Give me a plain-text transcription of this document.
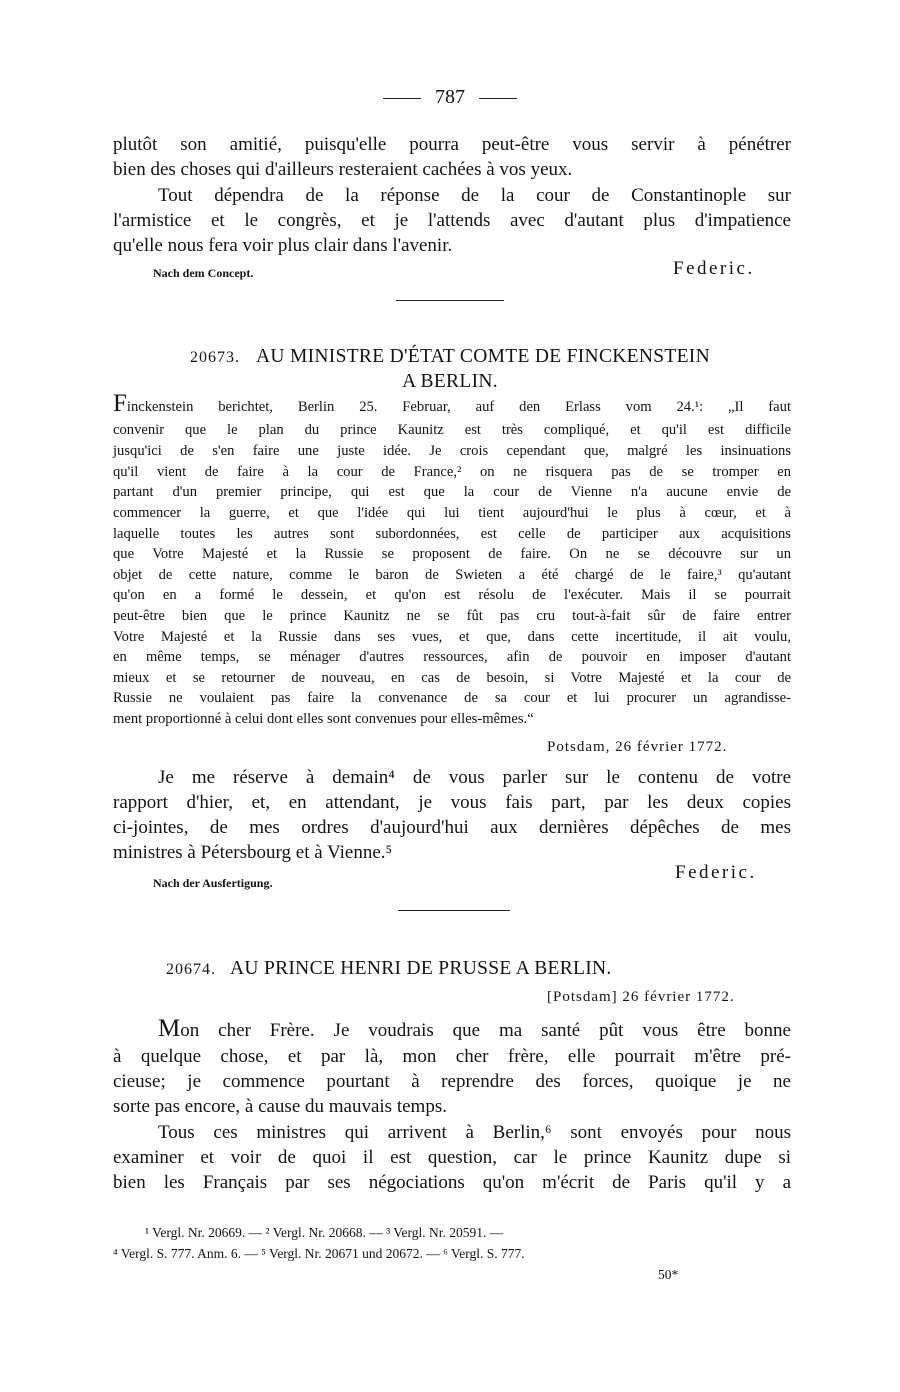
787
plutôt son amitié, puisqu'elle pourra peut-être vous servir à pénétrer
bien des choses qui d'ailleurs resteraient cachées à vos yeux.
Tout dépendra de la réponse de la cour de Constantinople sur
l'armistice et le congrès, et je l'attends avec d'autant plus d'impatience
qu'elle nous fera voir plus clair dans l'avenir.
Nach dem Concept.	Federic.
20673. AU MINISTRE D'ÉTAT COMTE DE FINCKENSTEIN
A BERLIN.
Finckenstein berichtet, Berlin 25. Februar, auf den Erlass vom 24.¹: „Il faut
convenir que le plan du prince Kaunitz est très compliqué, et qu'il est difficile
jusqu'ici de s'en faire une juste idée. Je crois cependant que, malgré les insinuations
qu'il vient de faire à la cour de France,² on ne risquera pas de se tromper en
partant d'un premier principe, qui est que la cour de Vienne n'a aucune envie de
commencer la guerre, et que l'idée qui lui tient aujourd'hui le plus à cœur, et à
laquelle toutes les autres sont subordonnées, est celle de participer aux acquisitions
que Votre Majesté et la Russie se proposent de faire. On ne se découvre sur un
objet de cette nature, comme le baron de Swieten a été chargé de le faire,³ qu'autant
qu'on en a formé le dessein, et qu'on est résolu de l'exécuter. Mais il se pourrait
peut-être bien que le prince Kaunitz ne se fût pas cru tout-à-fait sûr de faire entrer
Votre Majesté et la Russie dans ses vues, et que, dans cette incertitude, il ait voulu,
en même temps, se ménager d'autres ressources, afin de pouvoir en imposer d'autant
mieux et se retourner de nouveau, en cas de besoin, si Votre Majesté et la cour de
Russie ne voulaient pas faire la convenance de sa cour et lui procurer un agrandisse-
ment proportionné à celui dont elles sont convenues pour elles-mêmes.“
Potsdam, 26 février 1772.
Je me réserve à demain⁴ de vous parler sur le contenu de votre
rapport d'hier, et, en attendant, je vous fais part, par les deux copies
ci-jointes, de mes ordres d'aujourd'hui aux dernières dépêches de mes
ministres à Pétersbourg et à Vienne.⁵
Nach der Ausfertigung.	Federic.
20674. AU PRINCE HENRI DE PRUSSE A BERLIN.
[Potsdam] 26 février 1772.
Mon cher Frère. Je voudrais que ma santé pût vous être bonne
à quelque chose, et par là, mon cher frère, elle pourrait m'être pré-
cieuse; je commence pourtant à reprendre des forces, quoique je ne
sorte pas encore, à cause du mauvais temps.
Tous ces ministres qui arrivent à Berlin,⁶ sont envoyés pour nous
examiner et voir de quoi il est question, car le prince Kaunitz dupe si
bien les Français par ses négociations qu'on m'écrit de Paris qu'il y a
¹ Vergl. Nr. 20669. — ² Vergl. Nr. 20668. — ³ Vergl. Nr. 20591. —
⁴ Vergl. S. 777. Anm. 6. — ⁵ Vergl. Nr. 20671 und 20672. — ⁶ Vergl. S. 777.
50*
